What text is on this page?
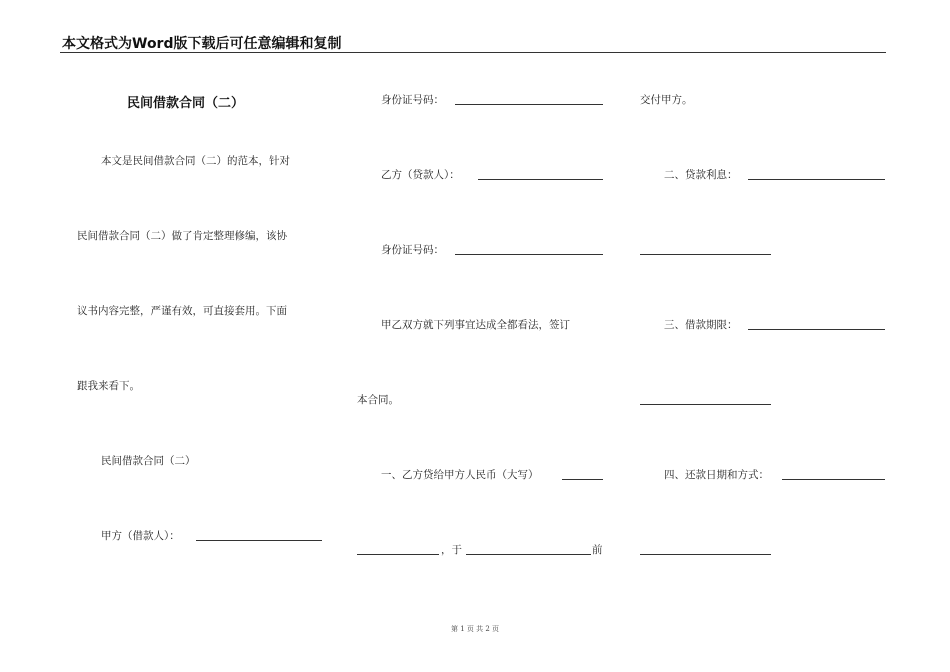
本文格式为Word版下载后可任意编辑和复制
民间借款合同（二）
本文是民间借款合同（二）的范本，针对
民间借款合同（二）做了肯定整理修编，该协
议书内容完整，严谨有效，可直接套用。下面
跟我来看下。
民间借款合同（二）
甲方（借款人）：
身份证号码：
乙方（贷款人）：
身份证号码：
甲乙双方就下列事宜达成全都看法，签订
本合同。
一、乙方贷给甲方人民币（大写）
，于	前
交付甲方。
二、贷款利息：
三、借款期限：
四、还款日期和方式：
第 1 页 共 2 页
